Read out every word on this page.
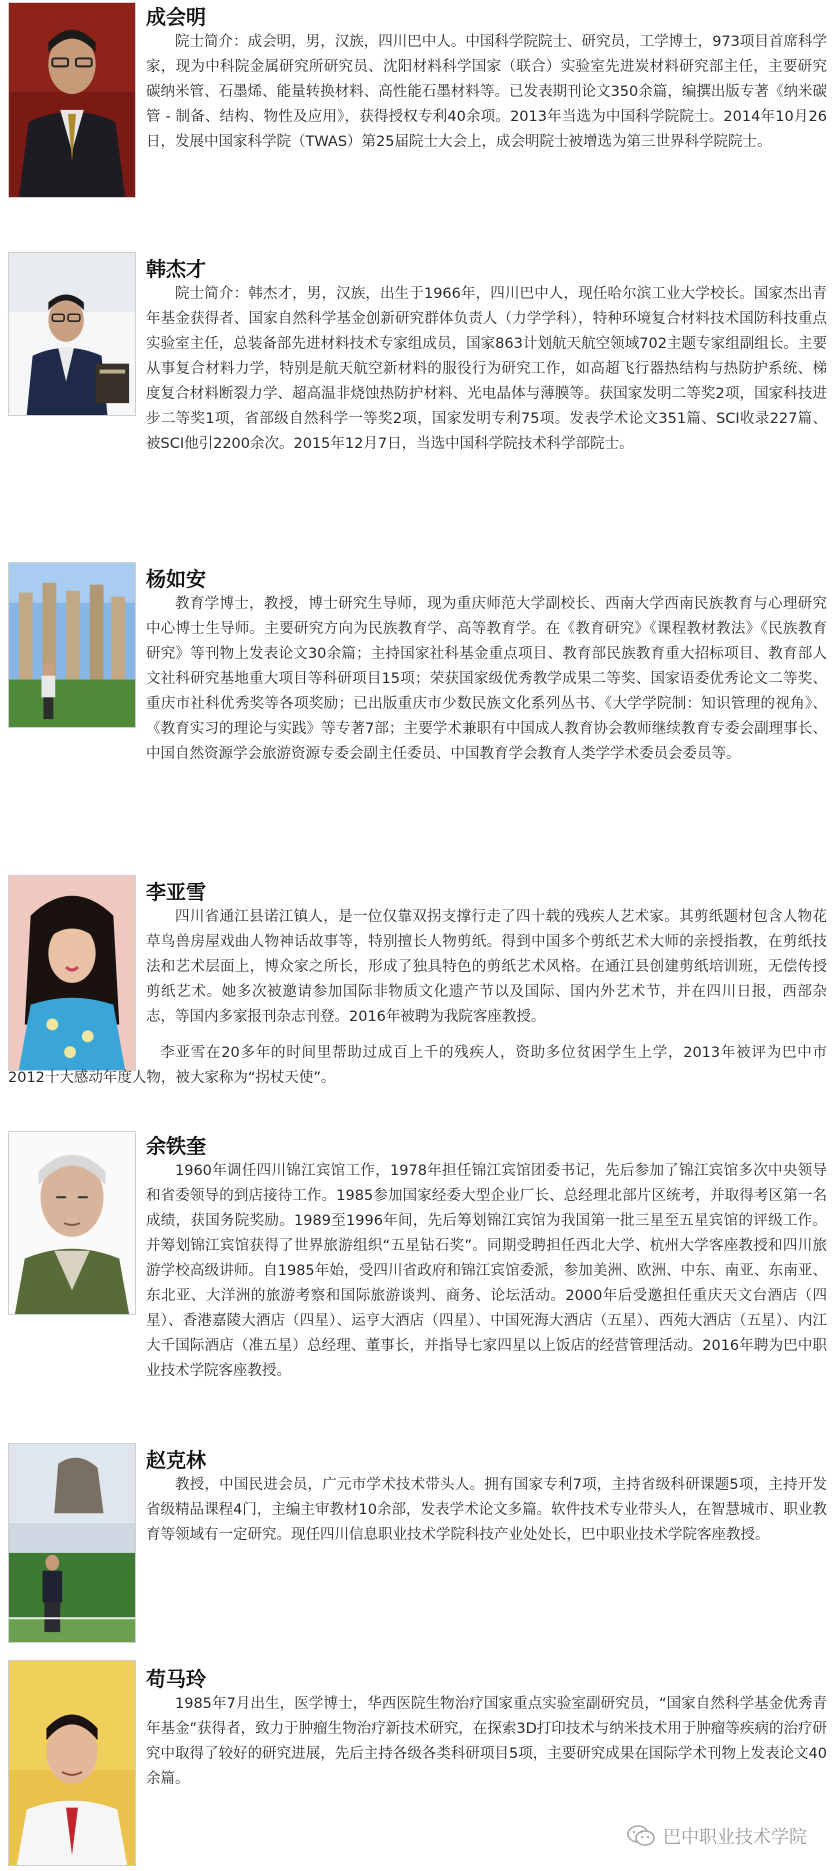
成会明
院士简介：成会明，男，汉族，四川巴中人。中国科学院院士、研究员，工学博士，973项目首席科学家，现为中科院金属研究所研究员、沈阳材料科学国家（联合）实验室先进炭材料研究部主任，主要研究碳纳米管、石墨烯、能量转换材料、高性能石墨材料等。已发表期刊论文350余篇，编撰出版专著《纳米碳管 - 制备、结构、物性及应用》，获得授权专利40余项。2013年当选为中国科学院院士。2014年10月26日，发展中国家科学院（TWAS）第25届院士大会上，成会明院士被增选为第三世界科学院院士。
韩杰才
院士简介：韩杰才，男，汉族，出生于1966年，四川巴中人，现任哈尔滨工业大学校长。国家杰出青年基金获得者、国家自然科学基金创新研究群体负责人（力学学科），特种环境复合材料技术国防科技重点实验室主任，总装备部先进材料技术专家组成员，国家863计划航天航空领域702主题专家组副组长。主要从事复合材料力学，特别是航天航空新材料的服役行为研究工作，如高超飞行器热结构与热防护系统、梯度复合材料断裂力学、超高温非烧蚀热防护材料、光电晶体与薄膜等。获国家发明二等奖2项，国家科技进步二等奖1项，省部级自然科学一等奖2项，国家发明专利75项。发表学术论文351篇、SCI收录227篇、被SCI他引2200余次。2015年12月7日，当选中国科学院技术科学部院士。
杨如安
教育学博士，教授，博士研究生导师，现为重庆师范大学副校长、西南大学西南民族教育与心理研究中心博士生导师。主要研究方向为民族教育学、高等教育学。在《教育研究》《课程教材教法》《民族教育研究》等刊物上发表论文30余篇；主持国家社科基金重点项目、教育部民族教育重大招标项目、教育部人文社科研究基地重大项目等科研项目15项；荣获国家级优秀教学成果二等奖、国家语委优秀论文二等奖、重庆市社科优秀奖等各项奖励；已出版重庆市少数民族文化系列丛书、《大学学院制：知识管理的视角》、《教育实习的理论与实践》等专著7部；主要学术兼职有中国成人教育协会教师继续教育专委会副理事长、中国自然资源学会旅游资源专委会副主任委员、中国教育学会教育人类学学术委员会委员等。
李亚雪
四川省通江县诺江镇人，是一位仅靠双拐支撑行走了四十载的残疾人艺术家。其剪纸题材包含人物花草鸟兽房屋戏曲人物神话故事等，特别擅长人物剪纸。得到中国多个剪纸艺术大师的亲授指教，在剪纸技法和艺术层面上，博众家之所长，形成了独具特色的剪纸艺术风格。在通江县创建剪纸培训班，无偿传授剪纸艺术。她多次被邀请参加国际非物质文化遗产节以及国际、国内外艺术节，并在四川日报，西部杂志，等国内多家报刊杂志刊登。2016年被聘为我院客座教授。
李亚雪在20多年的时间里帮助过成百上千的残疾人，资助多位贫困学生上学，2013年被评为巴中市2012十大感动年度人物，被大家称为“拐杖天使”。
余铁奎
1960年调任四川锦江宾馆工作，1978年担任锦江宾馆团委书记，先后参加了锦江宾馆多次中央领导和省委领导的到店接待工作。1985参加国家经委大型企业厂长、总经理北部片区统考，并取得考区第一名成绩，获国务院奖励。1989至1996年间，先后筹划锦江宾馆为我国第一批三星至五星宾馆的评级工作。并筹划锦江宾馆获得了世界旅游组织“五星钻石奖”。同期受聘担任西北大学、杭州大学客座教授和四川旅游学校高级讲师。自1985年始，受四川省政府和锦江宾馆委派，参加美洲、欧洲、中东、南亚、东南亚、东北亚、大洋洲的旅游考察和国际旅游谈判、商务、论坛活动。2000年后受邀担任重庆天文台酒店（四星）、香港嘉陵大酒店（四星）、运亨大酒店（四星）、中国死海大酒店（五星）、西苑大酒店（五星）、内江大千国际酒店（准五星）总经理、董事长，并指导七家四星以上饭店的经营管理活动。2016年聘为巴中职业技术学院客座教授。
赵克林
教授，中国民进会员，广元市学术技术带头人。拥有国家专利7项，主持省级科研课题5项，主持开发省级精品课程4门，主编主审教材10余部，发表学术论文多篇。软件技术专业带头人，在智慧城市、职业教育等领域有一定研究。现任四川信息职业技术学院科技产业处处长，巴中职业技术学院客座教授。
苟马玲
1985年7月出生，医学博士，华西医院生物治疗国家重点实验室副研究员，“国家自然科学基金优秀青年基金”获得者，致力于肿瘤生物治疗新技术研究，在探索3D打印技术与纳米技术用于肿瘤等疾病的治疗研究中取得了较好的研究进展，先后主持各级各类科研项目5项，主要研究成果在国际学术刊物上发表论文40余篇。
巴中职业技术学院
